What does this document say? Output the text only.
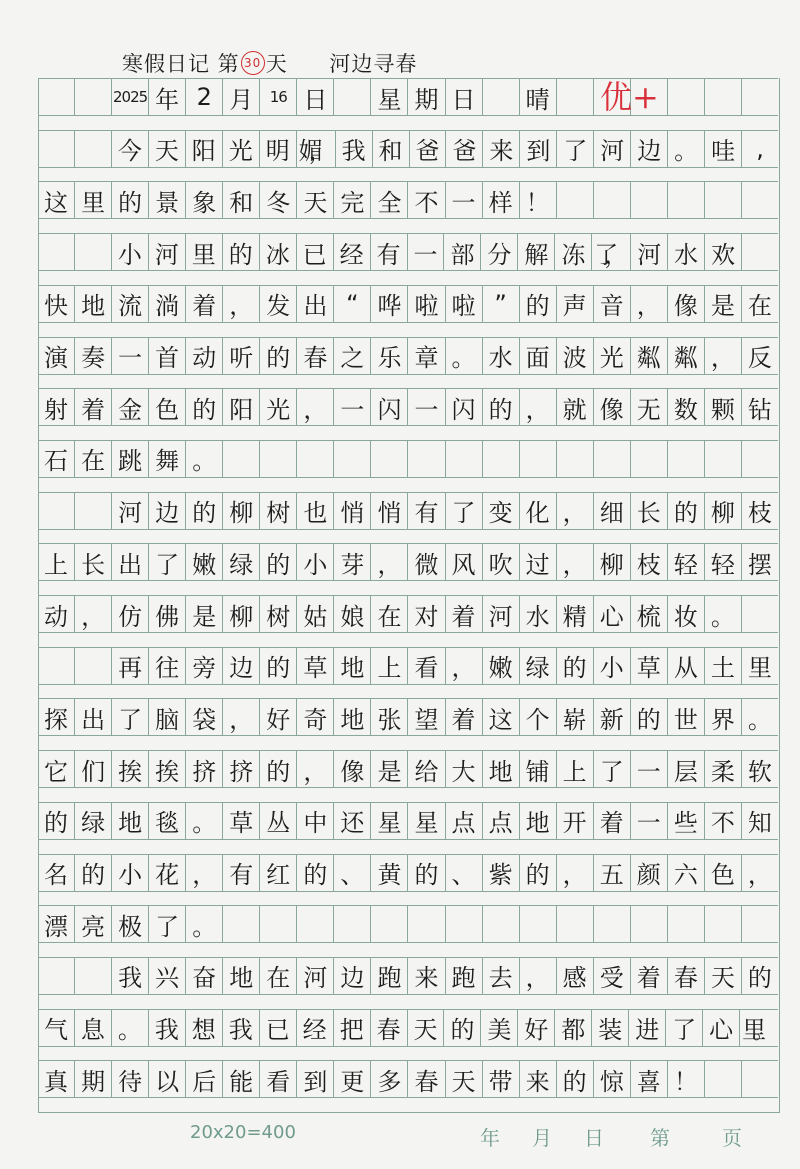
寒假日记 第 30 天 河边寻春
2025 年 2 月	16 日 星 期 日 晴
今 天 阳 光 明 媚， 我 和 爸 爸 来 到 了 河 边 。 哇 ,
这 里 的 景 象 和 冬 天 完 全 不 一 样 ！
小 河 里 的 冰 已 经 有 一 部 分 解 冻 了， 河 水 欢
快 地 流 淌 着 ， 发 出 “ 哗 啦 啦 ” 的 声 音 ， 像 是 在
演 奏 一 首 动 听 的 春 之 乐 章 。 水 面 波 光 粼 粼 ， 反
射 着 金 色 的 阳 光 ， 一 闪 一 闪 的 ， 就 像 无 数 颗 钻
石 在 跳 舞 。
河 边 的 柳 树 也 悄 悄 有 了 变 化 ， 细 长 的 柳 枝
上 长 出 了 嫩 绿 的 小 芽 ， 微 风 吹 过 ， 柳 枝 轻 轻 摆
动 ， 仿 佛 是 柳 树 姑 娘 在 对 着 河 水 精 心 梳 妆 。
再 往 旁 边 的 草 地 上 看 ， 嫩 绿 的 小 草 从 土 里
探 出 了 脑 袋 ， 好 奇 地 张 望 着 这 个 崭 新 的 世 界 。
它 们 挨 挨 挤 挤 的 ， 像 是 给 大 地 铺 上 了 一 层 柔 软
的 绿 地 毯 。 草 丛 中 还 星 星 点 点 地 开 着 一 些 不 知
名 的 小 花 ， 有 红 的 、 黄 的 、 紫 的 ， 五 颜 六 色 ，
漂 亮 极 了 。
我 兴 奋 地 在 河 边 跑 来 跑 去 ， 感 受 着 春 天 的
气 息 。 我 想 我 已 经 把 春 天 的 美 好 都 装 进 了 心 里。
真 期 待 以 后 能 看 到 更 多 春 天 带 来 的 惊 喜 ！
优+
20x20=400	年 月 日 第	页
